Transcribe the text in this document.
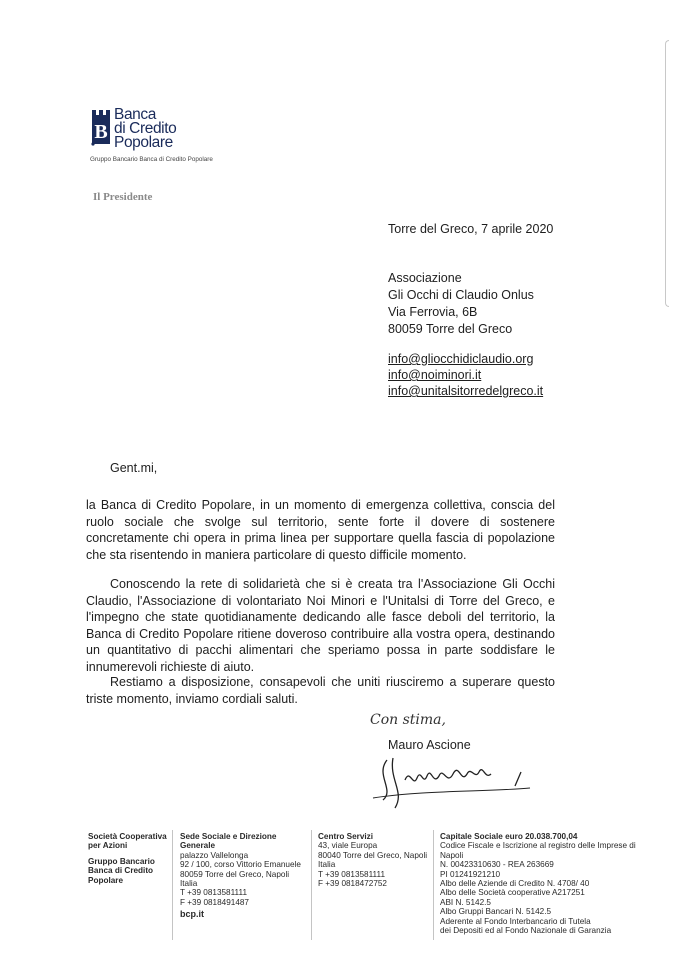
B
Banca
di Credito
Popolare
Gruppo Bancario Banca di Credito Popolare
Il Presidente
Torre del Greco, 7 aprile 2020
Associazione
Gli Occhi di Claudio Onlus
Via Ferrovia, 6B
80059 Torre del Greco
info@gliocchidiclaudio.org
info@noiminori.it
info@unitalsitorredelgreco.it
Gent.mi,
la Banca di Credito Popolare, in un momento di emergenza collettiva, conscia del ruolo sociale che svolge sul territorio, sente forte il dovere di sostenere concretamente chi opera in prima linea per supportare quella fascia di popolazione che sta risentendo in maniera particolare di questo difficile momento.
Conoscendo la rete di solidarietà che si è creata tra l'Associazione Gli Occhi Claudio, l'Associazione di volontariato Noi Minori e l'Unitalsi di Torre del Greco, e l'impegno che state quotidianamente dedicando alle fasce deboli del territorio, la Banca di Credito Popolare ritiene doveroso contribuire alla vostra opera, destinando un quantitativo di pacchi alimentari che speriamo possa in parte soddisfare le innumerevoli richieste di aiuto.
Restiamo a disposizione, consapevoli che uniti riusciremo a superare questo triste momento, inviamo cordiali saluti.
Con stima,
Mauro Ascione
Società Cooperativa
per Azioni
Gruppo Bancario
Banca di Credito
Popolare
Sede Sociale e Direzione Generale
palazzo Vallelonga
92 / 100, corso Vittorio Emanuele
80059 Torre del Greco, Napoli
Italia
T +39 0813581111
F +39 0818491487
bcp.it
Centro Servizi
43, viale Europa
80040 Torre del Greco, Napoli
Italia
T +39 0813581111
F +39 0818472752
Capitale Sociale euro 20.038.700,04
Codice Fiscale e Iscrizione al registro delle Imprese di Napoli
N. 00423310630 - REA 263669
PI 01241921210
Albo delle Aziende di Credito N. 4708/ 40
Albo delle Società cooperative A217251
ABI N. 5142.5
Albo Gruppi Bancari N. 5142.5
Aderente al Fondo Interbancario di Tutela
dei Depositi ed al Fondo Nazionale di Garanzia
